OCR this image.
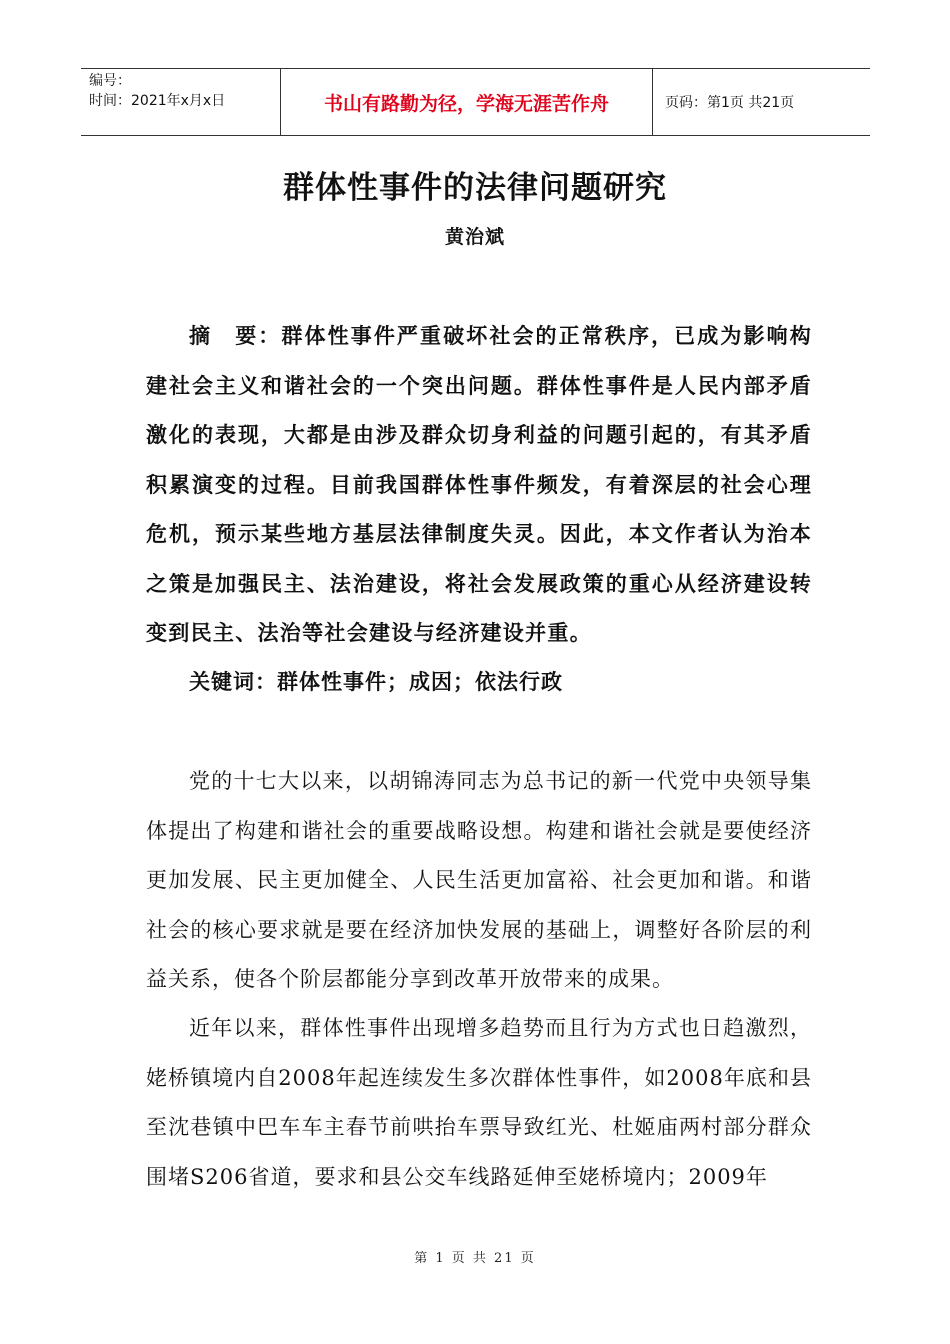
编号：
时间：2021年x月x日	书山有路勤为径，学海无涯苦作舟	页码：第1页 共21页
群体性事件的法律问题研究
黄治斌

摘　要：群体性事件严重破坏社会的正常秩序，已成为影响构建社会主义和谐社会的一个突出问题。群体性事件是人民内部矛盾激化的表现，大都是由涉及群众切身利益的问题引起的，有其矛盾积累演变的过程。目前我国群体性事件频发，有着深层的社会心理危机，预示某些地方基层法律制度失灵。因此，本文作者认为治本之策是加强民主、法治建设，将社会发展政策的重心从经济建设转变到民主、法治等社会建设与经济建设并重。

关键词：群体性事件；成因；依法行政

党的十七大以来，以胡锦涛同志为总书记的新一代党中央领导集体提出了构建和谐社会的重要战略设想。构建和谐社会就是要使经济更加发展、民主更加健全、人民生活更加富裕、社会更加和谐。和谐社会的核心要求就是要在经济加快发展的基础上，调整好各阶层的利益关系，使各个阶层都能分享到改革开放带来的成果。

近年以来，群体性事件出现增多趋势而且行为方式也日趋激烈，姥桥镇境内自2008年起连续发生多次群体性事件，如2008年底和县至沈巷镇中巴车车主春节前哄抬车票导致红光、杜姬庙两村部分群众围堵S206省道，要求和县公交车线路延伸至姥桥境内；2009年

第 1 页 共 21 页
